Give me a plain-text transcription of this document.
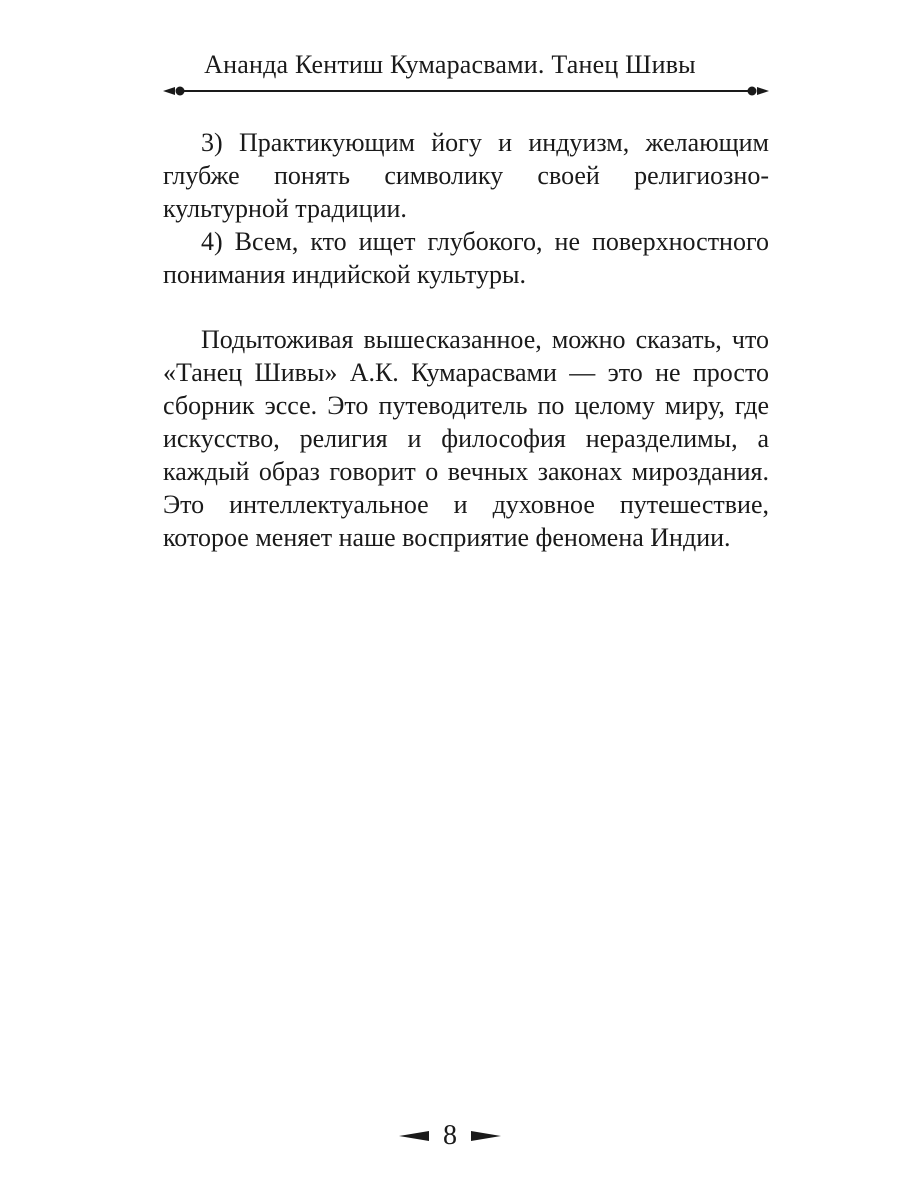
Ананда Кентиш Кумарасвами. Танец Шивы

3) Практикующим йогу и индуизм, желающим глубже понять символику своей религиозно-культурной традиции.

4) Всем, кто ищет глубокого, не поверхностного понимания индийской культуры.

Подытоживая вышесказанное, можно сказать, что «Танец Шивы» А.К. Кумарасвами — это не просто сборник эссе. Это путеводитель по целому миру, где искусство, религия и философия неразделимы, а каждый образ говорит о вечных законах мироздания. Это интеллектуальное и духовное путешествие, которое меняет наше восприятие феномена Индии.

8
